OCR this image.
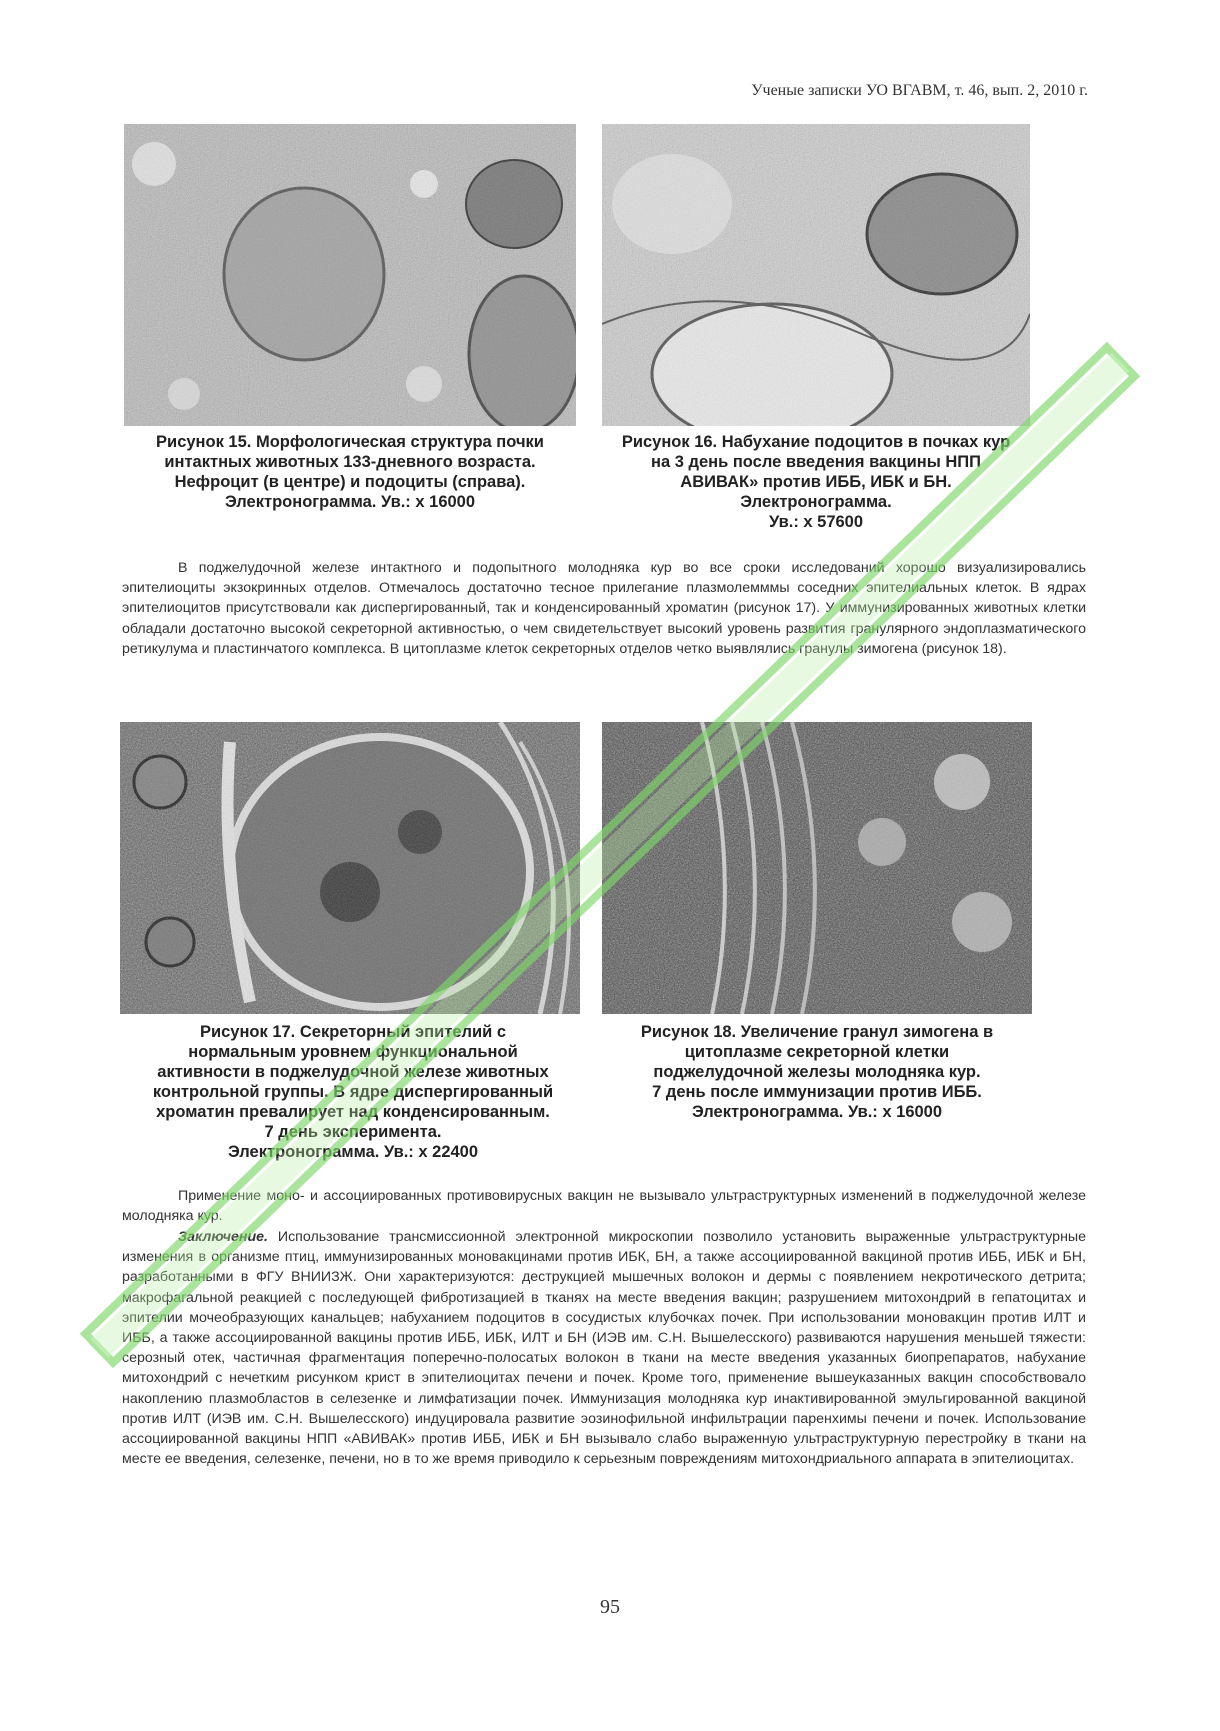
Ученые записки УО ВГАВМ, т. 46, вып. 2, 2010 г.
Рисунок 15. Морфологическая структура почки
интактных животных 133-дневного возраста.
Нефроцит (в центре) и подоциты (справа).
Электронограмма. Ув.: х 16000
Рисунок 16. Набухание подоцитов в почках кур
на 3 день после введения вакцины НПП
АВИВАК» против ИББ, ИБК и БН.
Электронограмма.
Ув.: х 57600

В поджелудочной железе интактного и подопытного молодняка кур во все сроки исследований хорошо визуализировались эпителиоциты экзокринных отделов. Отмечалось достаточно тесное прилегание плазмолемммы соседних эпителиальных клеток. В ядрах эпителиоцитов присутствовали как диспергированный, так и конденсированный хроматин (рисунок 17). У иммунизированных животных клетки обладали достаточно высокой секреторной активностью, о чем свидетельствует высокий уровень развития гранулярного эндоплазматического ретикулума и пластинчатого комплекса. В цитоплазме клеток секреторных отделов четко выявлялись гранулы зимогена (рисунок 18).

Рисунок 17. Секреторный эпителий с
нормальным уровнем функциональной
активности в поджелудочной железе животных
контрольной группы. В ядре диспергированный
хроматин превалирует над конденсированным.
7 день эксперимента.
Электронограмма. Ув.: х 22400
Рисунок 18. Увеличение гранул зимогена в
цитоплазме секреторной клетки
поджелудочной железы молодняка кур.
7 день после иммунизации против ИББ.
Электронограмма. Ув.: х 16000

Применение моно- и ассоциированных противовирусных вакцин не вызывало ультраструктурных изменений в поджелудочной железе молодняка кур.

Заключение. Использование трансмиссионной электронной микроскопии позволило установить выраженные ультраструктурные изменения в организме птиц, иммунизированных моновакцинами против ИБК, БН, а также ассоциированной вакциной против ИББ, ИБК и БН, разработанными в ФГУ ВНИИЗЖ. Они характеризуются: деструкцией мышечных волокон и дермы с появлением некротического детрита; макрофагальной реакцией с последующей фибротизацией в тканях на месте введения вакцин; разрушением митохондрий в гепатоцитах и эпителии мочеобразующих канальцев; набуханием подоцитов в сосудистых клубочках почек. При использовании моновакцин против ИЛТ и ИББ, а также ассоциированной вакцины против ИББ, ИБК, ИЛТ и БН (ИЭВ им. С.Н. Вышелесского) развиваются нарушения меньшей тяжести: серозный отек, частичная фрагментация поперечно-полосатых волокон в ткани на месте введения указанных биопрепаратов, набухание митохондрий с нечетким рисунком крист в эпителиоцитах печени и почек. Кроме того, применение вышеуказанных вакцин способствовало накоплению плазмобластов в селезенке и лимфатизации почек. Иммунизация молодняка кур инактивированной эмульгированной вакциной против ИЛТ (ИЭВ им. С.Н. Вышелесского) индуцировала развитие эозинофильной инфильтрации паренхимы печени и почек. Использование ассоциированной вакцины НПП «АВИВАК» против ИББ, ИБК и БН вызывало слабо выраженную ультраструктурную перестройку в ткани на месте ее введения, селезенке, печени, но в то же время приводило к серьезным повреждениям митохондриального аппарата в эпителиоцитах.

95
